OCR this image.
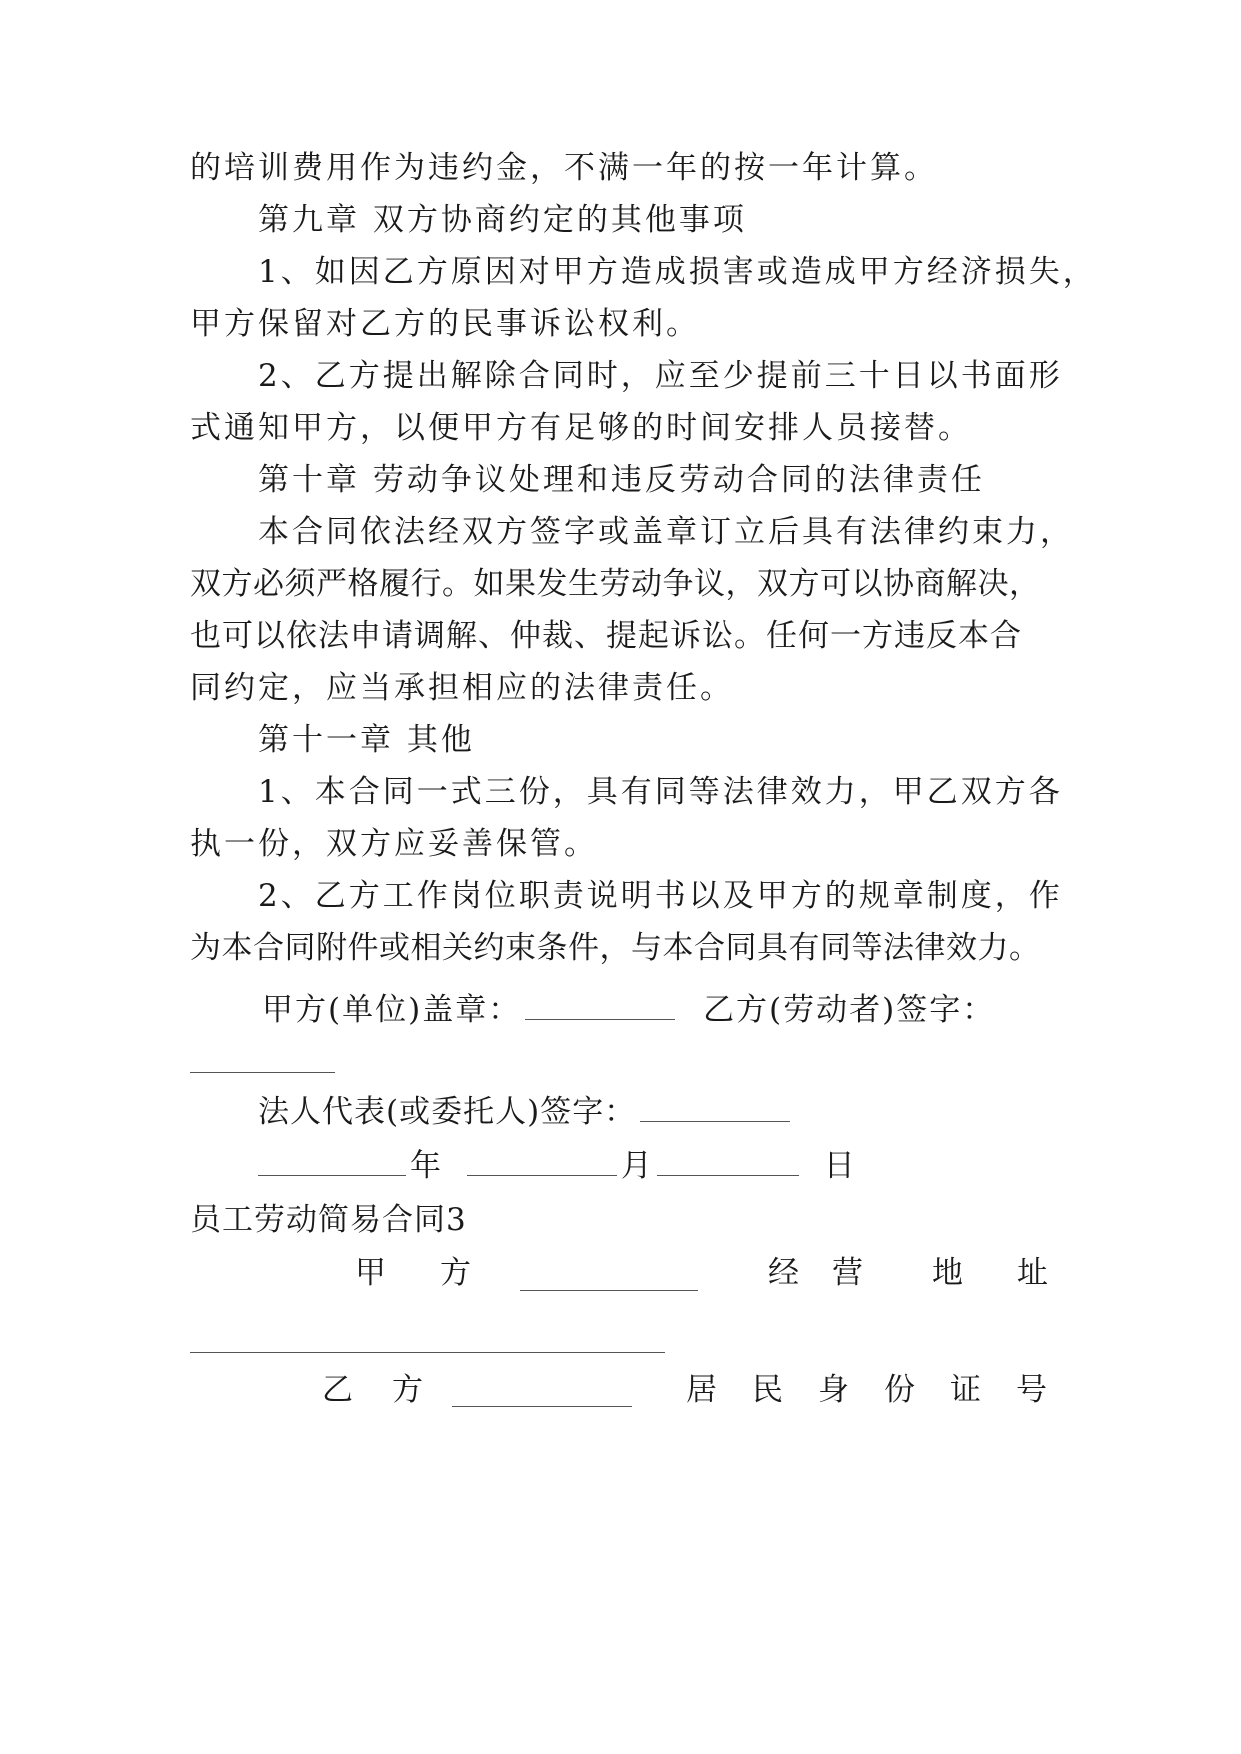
的培训费用作为违约金，不满一年的按一年计算。
第九章 双方协商约定的其他事项
1、如因乙方原因对甲方造成损害或造成甲方经济损失，
甲方保留对乙方的民事诉讼权利。
2、乙方提出解除合同时，应至少提前三十日以书面形
式通知甲方，以便甲方有足够的时间安排人员接替。
第十章 劳动争议处理和违反劳动合同的法律责任
本合同依法经双方签字或盖章订立后具有法律约束力，
双方必须严格履行。如果发生劳动争议，双方可以协商解决，
也可以依法申请调解、仲裁、提起诉讼。任何一方违反本合
同约定，应当承担相应的法律责任。
第十一章 其他
1、本合同一式三份，具有同等法律效力，甲乙双方各
执一份，双方应妥善保管。
2、乙方工作岗位职责说明书以及甲方的规章制度，作
为本合同附件或相关约束条件，与本合同具有同等法律效力。
甲方(单位)盖章：	乙方(劳动者)签字：
法人代表(或委托人)签字：
年	月	日
员工劳动简易合同3
甲 方	经 营 地 址
乙 方	居 民 身 份 证 号
